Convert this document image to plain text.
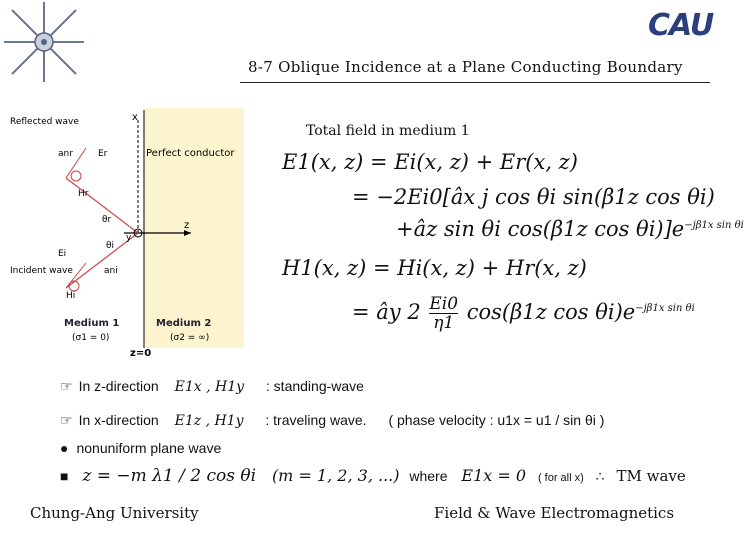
CAU
8-7 Oblique Incidence at a Plane Conducting Boundary
x
z
y
Reflected wave
Perfect conductor
Incident wave
Medium 1
(σ1 = 0)
Medium 2
(σ2 = ∞)
z=0
anr	Er
Hr
Ei
Hi
ani
θr
θi
Total field in medium 1
E1(x, z) = Ei(x, z) + Er(x, z)
= −2Ei0[âx j cos θi sin(β1z cos θi)
+âz sin θi cos(β1z $\cos \theta i)]e^{-j\beta 1x sin \theta i}$
H1(x, z) = Hi(x, z) + Hr(x, z)
= ây $2 \frac{Ei0}{\eta 1} \cos(\beta 1z$ $\cos \theta i)e^{-j\beta 1x sin \theta i}$
☞ In z-direction E1x , H1y : standing-wave
☞ In x-direction E1z , H1y : traveling wave. ( phase velocity : u1x = u1 / sin θi )
● nonuniform plane wave
■ z = −m λ1 / 2 cos θi (m = 1, 2, 3, ...) where E1x = 0 ( for all x) ∴ TM wave
Chung-Ang University	Field & Wave Electromagnetics
